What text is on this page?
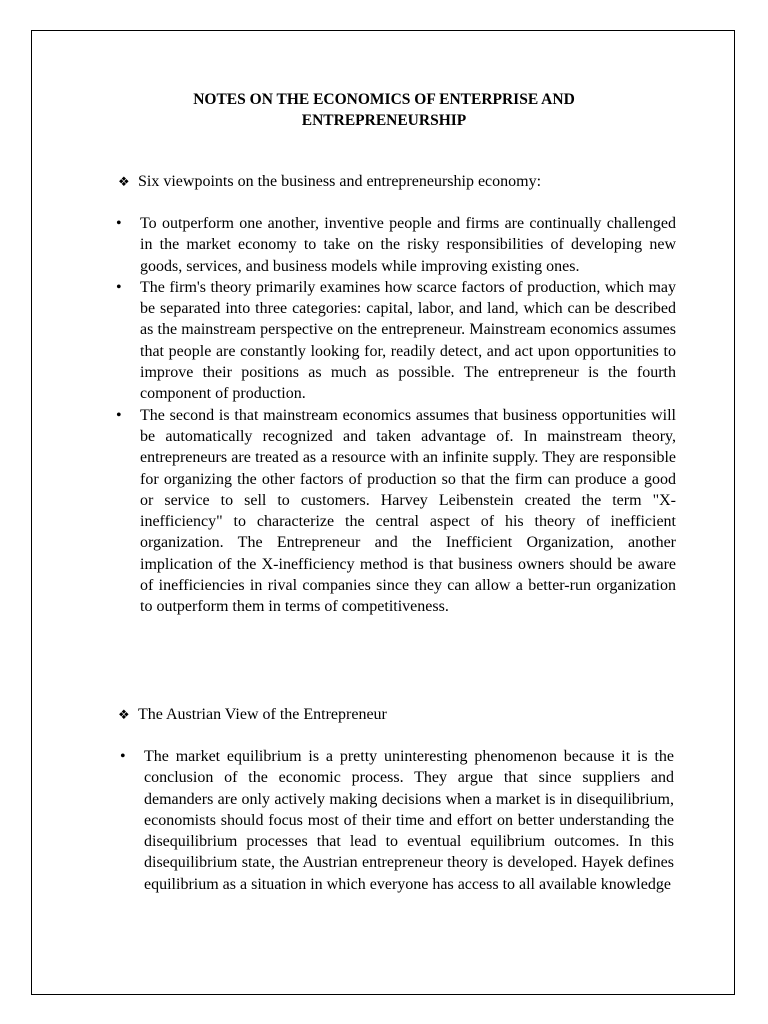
NOTES ON THE ECONOMICS OF ENTERPRISE AND ENTREPRENEURSHIP

❖ Six viewpoints on the business and entrepreneurship economy:

• To outperform one another, inventive people and firms are continually challenged in the market economy to take on the risky responsibilities of developing new goods, services, and business models while improving existing ones.
• The firm's theory primarily examines how scarce factors of production, which may be separated into three categories: capital, labor, and land, which can be described as the mainstream perspective on the entrepreneur. Mainstream economics assumes that people are constantly looking for, readily detect, and act upon opportunities to improve their positions as much as possible. The entrepreneur is the fourth component of production.
• The second is that mainstream economics assumes that business opportunities will be automatically recognized and taken advantage of. In mainstream theory, entrepreneurs are treated as a resource with an infinite supply. They are responsible for organizing the other factors of production so that the firm can produce a good or service to sell to customers. Harvey Leibenstein created the term "X-inefficiency" to characterize the central aspect of his theory of inefficient organization. The Entrepreneur and the Inefficient Organization, another implication of the X-inefficiency method is that business owners should be aware of inefficiencies in rival companies since they can allow a better-run organization to outperform them in terms of competitiveness.

❖ The Austrian View of the Entrepreneur

• The market equilibrium is a pretty uninteresting phenomenon because it is the conclusion of the economic process. They argue that since suppliers and demanders are only actively making decisions when a market is in disequilibrium, economists should focus most of their time and effort on better understanding the disequilibrium processes that lead to eventual equilibrium outcomes. In this disequilibrium state, the Austrian entrepreneur theory is developed. Hayek defines equilibrium as a situation in which everyone has access to all available knowledge
